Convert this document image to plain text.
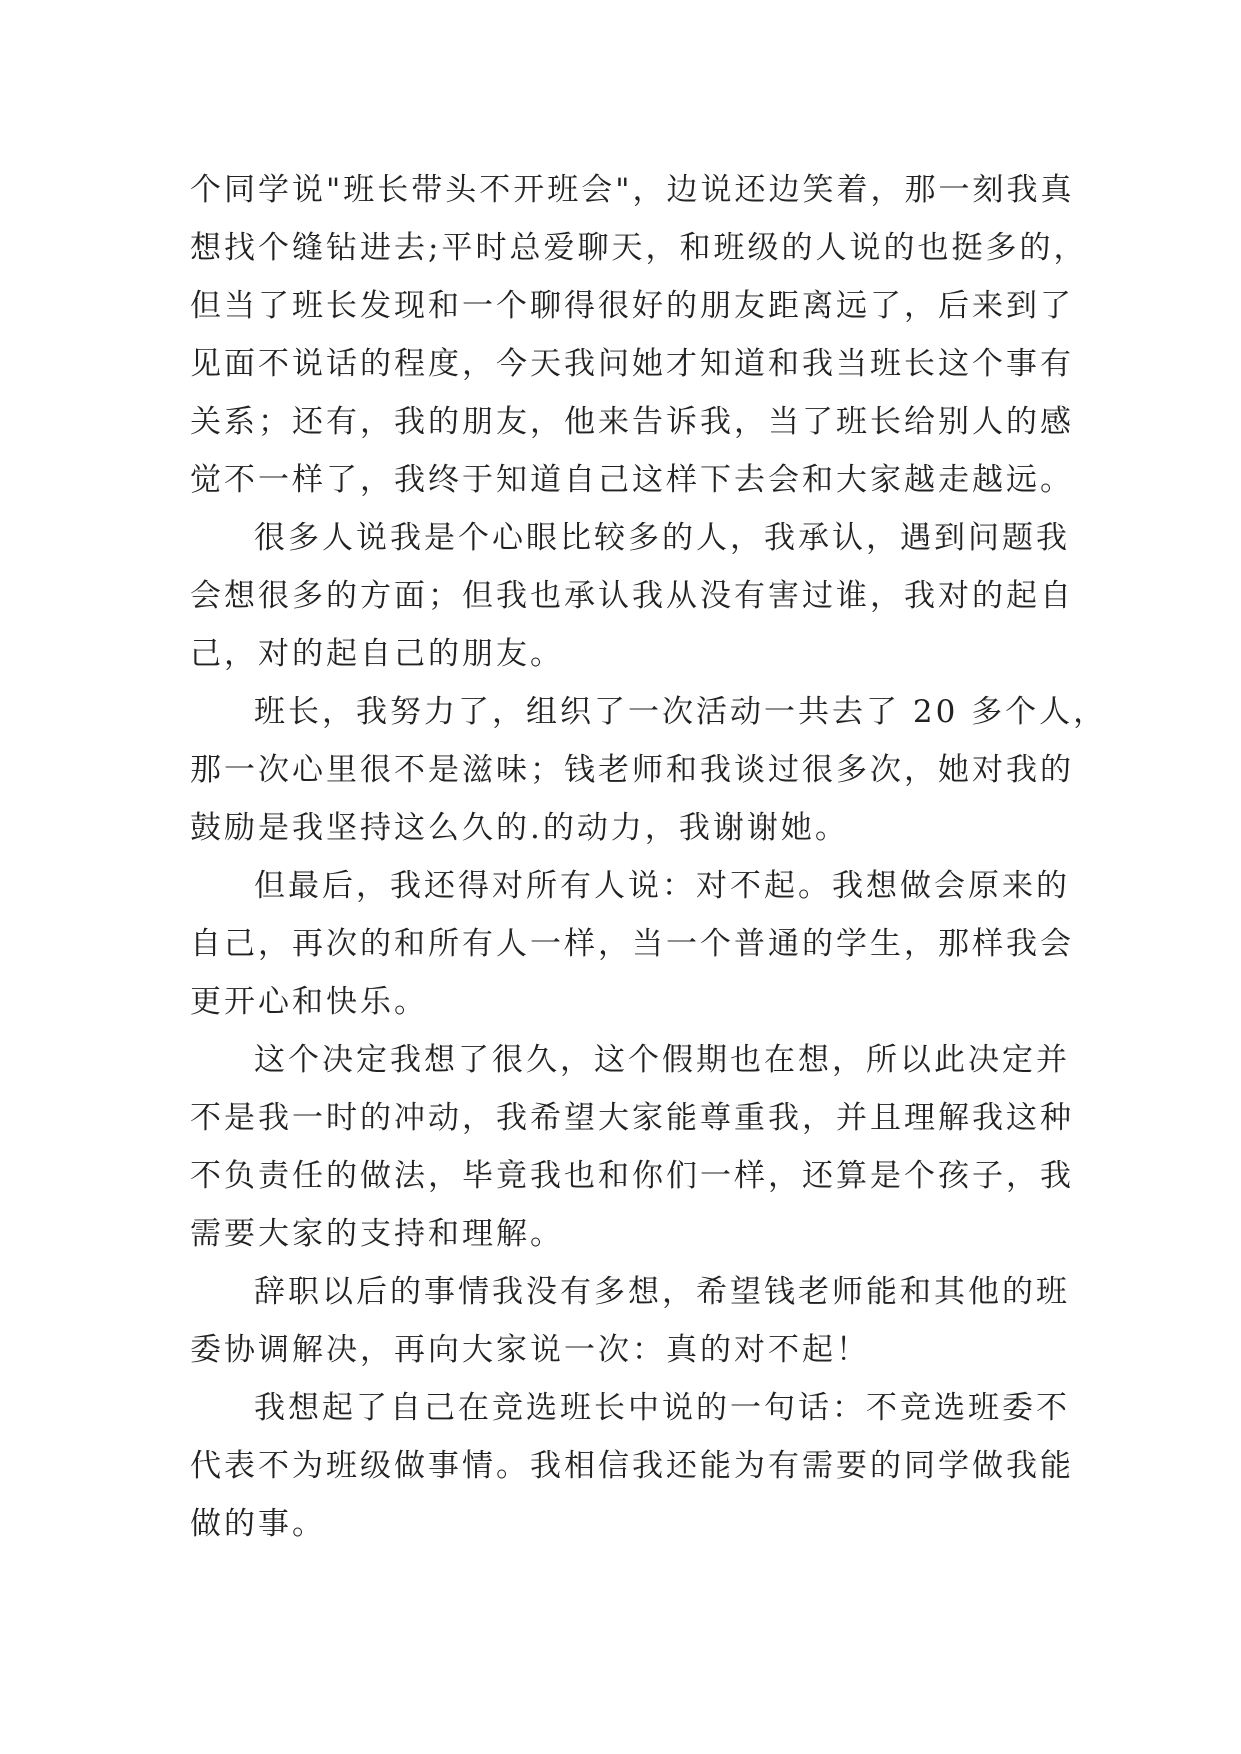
个同学说"班长带头不开班会"，边说还边笑着，那一刻我真
想找个缝钻进去;平时总爱聊天，和班级的人说的也挺多的，
但当了班长发现和一个聊得很好的朋友距离远了，后来到了
见面不说话的程度，今天我问她才知道和我当班长这个事有
关系；还有，我的朋友，他来告诉我，当了班长给别人的感
觉不一样了，我终于知道自己这样下去会和大家越走越远。
很多人说我是个心眼比较多的人，我承认，遇到问题我
会想很多的方面；但我也承认我从没有害过谁，我对的起自
己，对的起自己的朋友。
班长，我努力了，组织了一次活动一共去了 20 多个人，
那一次心里很不是滋味；钱老师和我谈过很多次，她对我的
鼓励是我坚持这么久的.的动力，我谢谢她。
但最后，我还得对所有人说：对不起。我想做会原来的
自己，再次的和所有人一样，当一个普通的学生，那样我会
更开心和快乐。
这个决定我想了很久，这个假期也在想，所以此决定并
不是我一时的冲动，我希望大家能尊重我，并且理解我这种
不负责任的做法，毕竟我也和你们一样，还算是个孩子，我
需要大家的支持和理解。
辞职以后的事情我没有多想，希望钱老师能和其他的班
委协调解决，再向大家说一次：真的对不起！
我想起了自己在竞选班长中说的一句话：不竞选班委不
代表不为班级做事情。我相信我还能为有需要的同学做我能
做的事。
